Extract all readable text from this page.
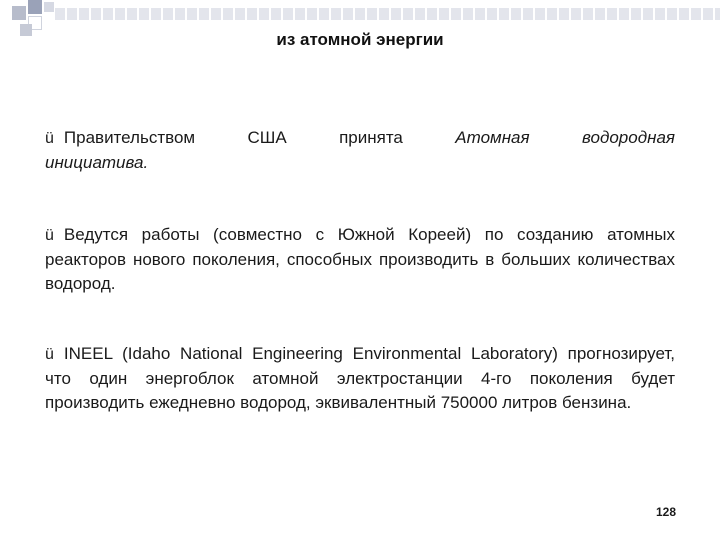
из атомной энергии
ü Правительством	США	принята	Атомная	водородная
инициатива.
ü Ведутся работы (совместно с Южной Кореей) по созданию атомных реакторов нового поколения, способных производить в больших количествах водород.
ü INEEL (Idaho National Engineering Environmental Laboratory) прогнозирует, что один энергоблок атомной электростанции 4-го поколения будет производить ежедневно водород, эквивалентный 750000 литров бензина.
128
